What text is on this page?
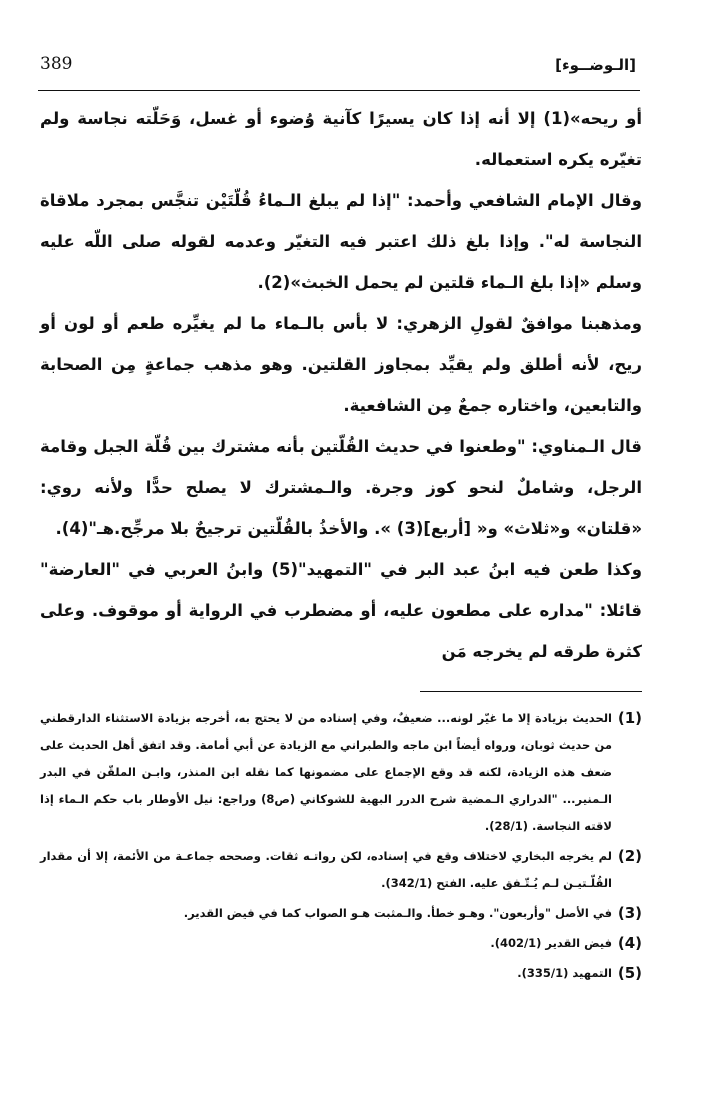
389	[الـوضــوء]

أو ريحه»(1) إلا أنه إذا كان يسيرًا كآنية وُضوء أو غسل، وَحَلّته نجاسة ولم تغيّره يكره استعماله.

وقال الإمام الشافعي وأحمد: "إذا لم يبلغ الـماءُ قُلّتَيْن تنجَّس بمجرد ملاقاة النجاسة له". وإذا بلغ ذلك اعتبر فيه التغيّر وعدمه لقوله صلى اللّه عليه وسلم «إذا بلغ الـماء قلتين لم يحمل الخبث»(2).

ومذهبنا موافقٌ لقولِ الزهري: لا بأس بالـماء ما لم يغيِّره طعم أو لون أو ريح، لأنه أطلق ولم يقيِّد بمجاوز القلتين. وهو مذهب جماعةٍ مِن الصحابة والتابعين، واختاره جمعٌ مِن الشافعية.

قال الـمناوي: "وطعنوا في حديث القُلّتين بأنه مشترك بين قُلّة الجبل وقامة الرجل، وشاملٌ لنحو كوز وجرة. والـمشترك لا يصلح حدًّا ولأنه روي: «قلتان» و«ثلاث» و« [أربع](3) ». والأخذُ بالقُلّتين ترجيحٌ بلا مرجِّح.هـ"(4).

وكذا طعن فيه ابنُ عبد البر في "التمهيد"(5) وابنُ العربي في "العارضة" قائلا: "مداره على مطعون عليه، أو مضطرب في الرواية أو موقوف. وعلى كثرة طرقه لم يخرجه مَن

(1)
الحديث بزيادة إلا ما غيّر لونه... ضعيفٌ، وفي إسناده من لا يحتج به، أخرجه بزيادة الاستثناء الدارقطني من حديث ثوبان، ورواه أيضاً ابن ماجه والطبراني مع الزيادة عن أبي أمامة. وقد اتفق أهل الحديث على ضعف هذه الزيادة، لكنه قد وقع الإجماع على مضمونها كما نقله ابن المنذر، وابـن الملقّن في البدر الـمنير... "الدراري الـمضية شرح الدرر البهية للشوكاني (ص8) وراجع: نيل الأوطار باب حكم الـماء إذا لاقته النجاسة. (28/1).
(2)
لم يخرجه البخاري لاختلاف وقع في إسناده، لكن رواتـه ثقات. وصححه جماعـة من الأئمة، إلا أن مقدار القُلّـتيـن لـم يُـتّـفق عليه. الفتح (342/1).
(3)
في الأصل "وأربعون". وهـو خطأ. والـمثبت هـو الصواب كما في فيض القدير.
(4)
فيض القدير (402/1).
(5)
التمهيد (335/1).
